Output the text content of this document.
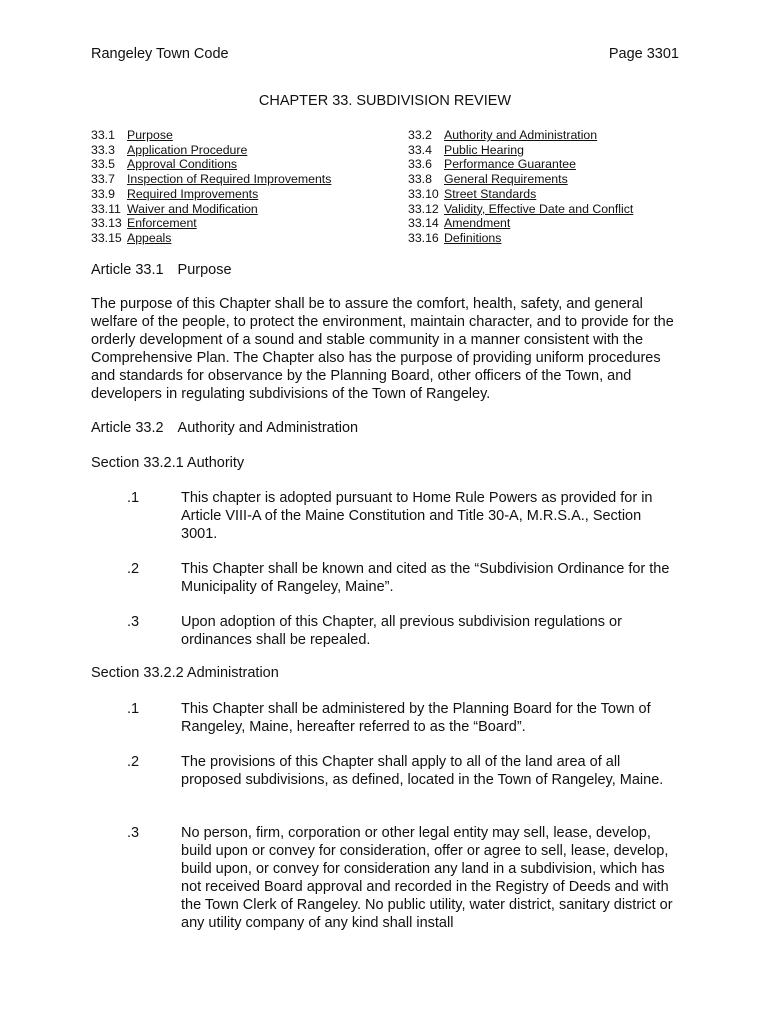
Rangeley Town Code	Page 3301
CHAPTER 33. SUBDIVISION REVIEW
33.1 Purpose
33.3 Application Procedure
33.5 Approval Conditions
33.7 Inspection of Required Improvements
33.9 Required Improvements
33.11 Waiver and Modification
33.13 Enforcement
33.15 Appeals
33.2 Authority and Administration
33.4 Public Hearing
33.6 Performance Guarantee
33.8 General Requirements
33.10 Street Standards
33.12 Validity, Effective Date and Conflict
33.14 Amendment
33.16 Definitions
Article 33.1 Purpose
The purpose of this Chapter shall be to assure the comfort, health, safety, and general welfare of the people, to protect the environment, maintain character, and to provide for the orderly development of a sound and stable community in a manner consistent with the Comprehensive Plan. The Chapter also has the purpose of providing uniform procedures and standards for observance by the Planning Board, other officers of the Town, and developers in regulating subdivisions of the Town of Rangeley.
Article 33.2 Authority and Administration
Section 33.2.1 Authority
.1	This chapter is adopted pursuant to Home Rule Powers as provided for in Article VIII-A of the Maine Constitution and Title 30-A, M.R.S.A., Section 3001.
.2	This Chapter shall be known and cited as the “Subdivision Ordinance for the Municipality of Rangeley, Maine”.
.3	Upon adoption of this Chapter, all previous subdivision regulations or ordinances shall be repealed.
Section 33.2.2 Administration
.1	This Chapter shall be administered by the Planning Board for the Town of Rangeley, Maine, hereafter referred to as the “Board”.
.2	The provisions of this Chapter shall apply to all of the land area of all proposed subdivisions, as defined, located in the Town of Rangeley, Maine.
.3	No person, firm, corporation or other legal entity may sell, lease, develop, build upon or convey for consideration, offer or agree to sell, lease, develop, build upon, or convey for consideration any land in a subdivision, which has not received Board approval and recorded in the Registry of Deeds and with the Town Clerk of Rangeley. No public utility, water district, sanitary district or any utility company of any kind shall install
